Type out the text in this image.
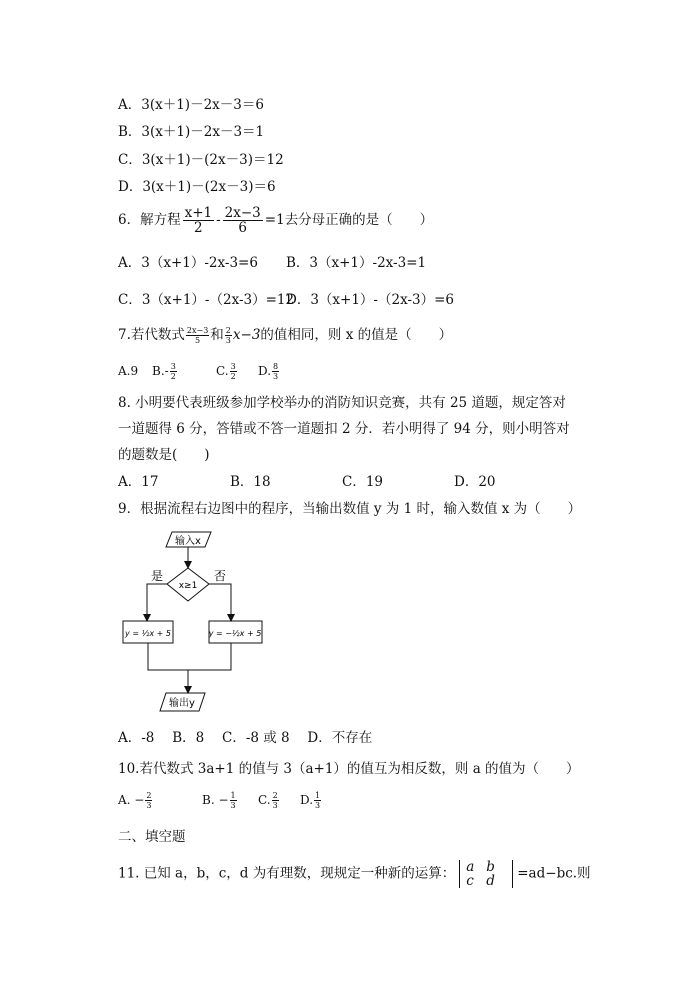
A．3(x＋1)－2x－3＝6
B．3(x＋1)－2x－3＝1
C．3(x＋1)－(2x－3)＝12
D．3(x＋1)－(2x－3)＝6
6．解方程 $\frac{x+1}{2} - \frac{2x-3}{6} =1$去分母正确的是（　　）
A．3（x+1）-2x-3=6 B．3（x+1）-2x-3=1
C．3（x+1）-（2x-3）=12D．3（x+1）-（2x-3）=6
7.若代数式 $\frac{2x-3}{5}$ 和 $\frac{2}{3} x-3$的值相同，则 x 的值是（　　）
A.9 $B.- \frac{3}{2}$	C. $\frac{3}{2} D$. $\frac{8}{3}$
8. 小明要代表班级参加学校举办的消防知识竞赛，共有 25 道题，规定答对
一道题得 6 分，答错或不答一道题扣 2 分．若小明得了 94 分，则小明答对
的题数是(　　)
A．17	B．18	C．19	D．20
9．根据流程右边图中的程序，当输出数值 y 为 1 时，输入数值 x 为（　　）
输入x
x≥1
是	否
y = ½x + 5	y = −½x + 5
输出y
A．-8　 B．8　 C．-8 或 8　 D．不存在
10.若代数式 3a+1 的值与 3（a+1）的值互为相反数，则 a 的值为（　　）
A. − $\frac{2}{3}$	B. − $\frac{1}{3} C$. $\frac{2}{3} D$. $\frac{1}{3}$
二、填空题
11. 已知 a，b，c，d 为有理数，现规定一种新的运算： a b
c d =ad−bc.则
